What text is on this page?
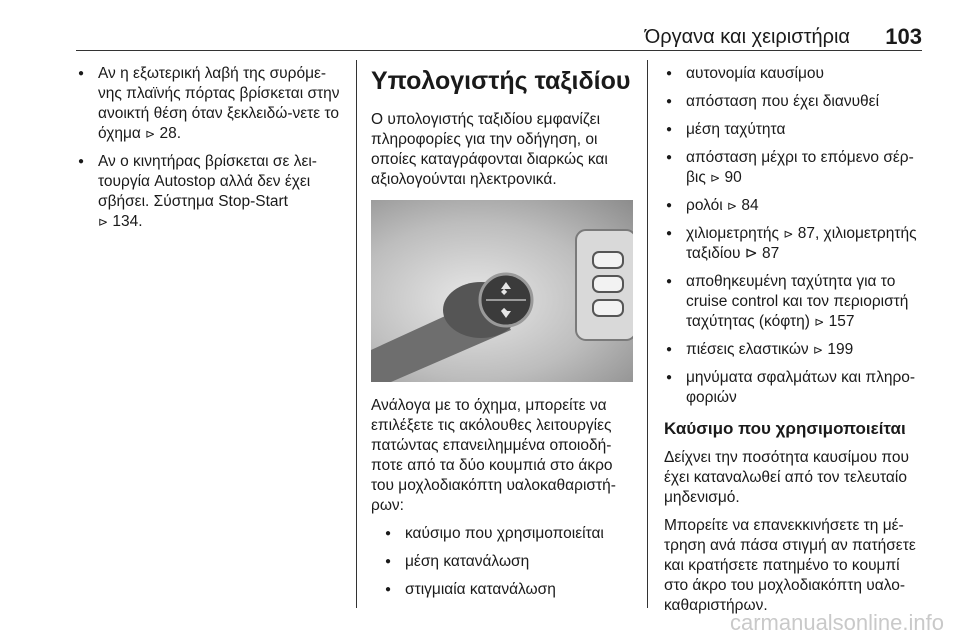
Όργανα και χειριστήρια 103
● Αν η εξωτερική λαβή της συρόμε-νης πλαϊνής πόρτας βρίσκεται στην ανοικτή θέση όταν ξεκλειδώ-νετε το όχημα ⊳ 28.
● Αν ο κινητήρας βρίσκεται σε λει-τουργία Autostop αλλά δεν έχει σβήσει. Σύστημα Stop-Start
⊳ 134.
Υπολογιστής ταξιδίου

Ο υπολογιστής ταξιδίου εμφανίζει πληροφορίες για την οδήγηση, οι οποίες καταγράφονται διαρκώς και αξιολογούνται ηλεκτρονικά.

◆
◆

Ανάλογα με το όχημα, μπορείτε να επιλέξετε τις ακόλουθες λειτουργίες πατώντας επανειλημμένα οποιοδή-ποτε από τα δύο κουμπιά στο άκρο του μοχλοδιακόπτη υαλοκαθαριστή-ρων:

● καύσιμο που χρησιμοποιείται
● μέση κατανάλωση
● στιγμιαία κατανάλωση
● αυτονομία καυσίμου
● απόσταση που έχει διανυθεί
● μέση ταχύτητα
● απόσταση μέχρι το επόμενο σέρ-βις ⊳ 90
● ρολόι ⊳ 84
● χιλιομετρητής ⊳ 87, χιλιομετρητής ταξιδίου ⊳ 87
● αποθηκευμένη ταχύτητα για το cruise control και τον περιοριστή ταχύτητας (κόφτη) ⊳ 157
● πιέσεις ελαστικών ⊳ 199
● μηνύματα σφαλμάτων και πληρο-φοριών
Καύσιμο που χρησιμοποιείται

Δείχνει την ποσότητα καυσίμου που έχει καταναλωθεί από τον τελευταίο μηδενισμό.

Μπορείτε να επανεκκινήσετε τη μέ-τρηση ανά πάσα στιγμή αν πατήσετε και κρατήσετε πατημένο το κουμπί στο άκρο του μοχλοδιακόπτη υαλο-καθαριστήρων.

carmanualsonline.info
